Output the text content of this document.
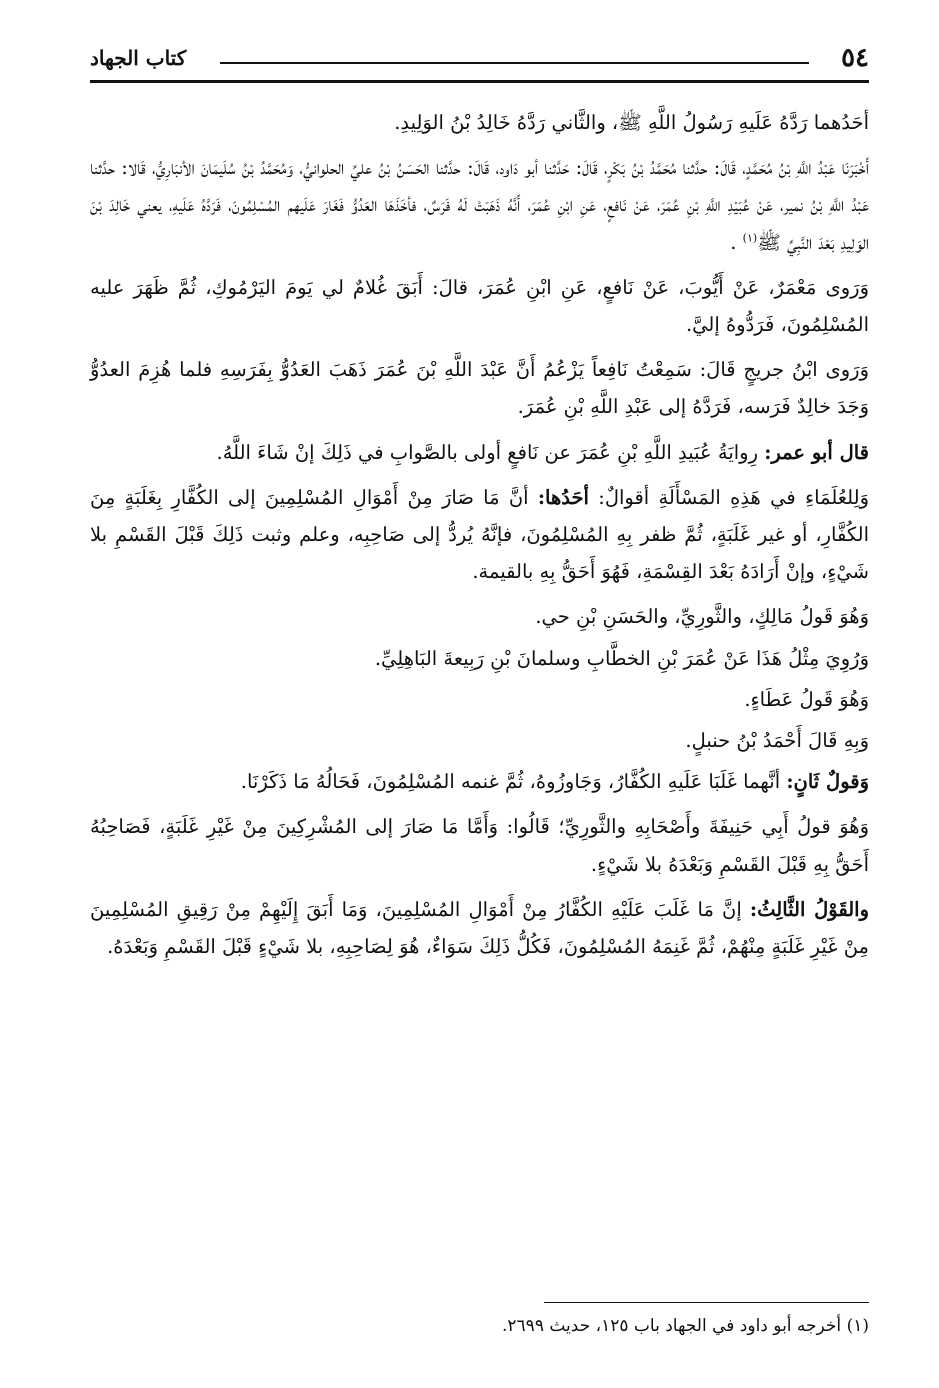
٥٤
كتاب الجهاد

أحَدُهما رَدَّهُ عَلَيهِ رَسُولُ اللَّهِ ﷺ، والثَّاني رَدَّهُ خَالِدُ بْنُ الوَلِيدِ.

أَخْبَرَنَا عَبْدُ اللَّهِ بْنُ مُحَمَّدٍ، قَالَ: حدَّثنا مُحَمَّدُ بْنُ بَكْرٍ، قَالَ: حَدَّثنا أبو دَاود، قَالَ: حدَّثنا الحَسَنُ بْنُ عليِّ الحلوانيُّ، وَمُحَمَّدُ بْنُ سُلَيمَانَ الأنبَارِيُّ، قَالا: حدَّثنا عَبْدُ اللَّهِ بْنُ نمير، عَنْ عُبَيْدِ اللَّهِ بْنِ عُمَرَ، عَنْ نَافعٍ، عَنِ ابْنِ عُمَرَ، أَنَّهُ ذَهَبَتْ لَهُ فَرَسٌ، فأخَذَهَا العَدُوُّ فَغَارَ عَلَيهم المُسْلِمُونَ، فَرَدَّهُ عَلَيهِ، يعني خَالِدَ بْنَ الوَلِيدِ بَعْدَ النَّبِيِّ ﷺ$^{(١)}$ .

وَرَوى مَعْمَرٌ، عَنْ أَيُّوبَ، عَنْ نَافعٍ، عَنِ ابْنِ عُمَرَ، قالَ: أَبَقَ غُلامٌ لي يَومَ اليَرْمُوكِ، ثُمَّ ظَهَرَ عليه المُسْلِمُونَ، فَرَدُّوهُ إليَّ.

وَرَوى ابْنُ جريجٍ قَالَ: سَمِعْتُ نَافِعاً يَزْعُمُ أَنَّ عَبْدَ اللَّهِ بْنَ عُمَرَ ذَهَبَ العَدُوُّ بِفَرَسِهِ فلما هُزِمَ العدُوُّ وَجَدَ خالِدٌ فَرَسه، فَرَدَّهُ إلى عَبْدِ اللَّهِ بْنِ عُمَرَ.

قال أبو عمر: رِوايَةُ عُبَيدِ اللَّهِ بْنِ عُمَرَ عن نَافعٍ أولى بالصَّوابِ في ذَلِكَ إنْ شَاءَ اللَّهُ.

وَلِلعُلَمَاءِ في هَذِهِ المَسْأَلَةِ أقوالٌ: أحَدُها: أنَّ مَا صَارَ مِنْ أَمْوَالِ المُسْلِمِينَ إلى الكُفَّارِ بِغَلَبَةٍ مِنَ الكُفَّارِ، أو غير غَلَبَةٍ، ثُمَّ ظفر بِهِ المُسْلِمُونَ، فإنَّهُ يُردُّ إلى صَاحِبِه، وعلم وثبت ذَلِكَ قَبْلَ القَسْمِ بلا شَيْءٍ، وإنْ أَرَادَهُ بَعْدَ القِسْمَةِ، فَهُوَ أَحَقُّ بِهِ بالقيمة.

وَهُوَ قَولُ مَالِكٍ، والثَّورِيِّ، والحَسَنِ بْنِ حي.

وَرُوِيَ مِثْلُ هَذَا عَنْ عُمَرَ بْنِ الخطَّابِ وسلمانَ بْنِ رَبِيعةَ البَاهِلِيِّ.

وَهُوَ قَولُ عَطَاءٍ.

وَبِهِ قَالَ أَحْمَدُ بْنُ حنبلٍ.

وَقولٌ ثَانٍ: أنَّهما غَلَبَا عَلَيهِ الكُفَّارُ، وَجَاوزُوهُ، ثُمَّ غنمه المُسْلِمُونَ، فَحَالُهُ مَا ذَكَرْنَا.

وَهُوَ قولُ أَبِي حَنِيفَةَ وأَصْحَابِهِ والثَّورِيِّ؛ قَالُوا: وَأَمَّا مَا صَارَ إلى المُشْرِكِينَ مِنْ غَيْرِ غَلَبَةٍ، فَصَاحِبُهُ أَحَقُّ بِهِ قَبْلَ القَسْمِ وَبَعْدَهُ بلا شَيْءٍ.

والقَوْلُ الثَّالِثُ: إنَّ مَا غَلَبَ عَلَيْهِ الكُفَّارُ مِنْ أَمْوَالِ المُسْلِمِينَ، وَمَا أَبَقَ إِلَيْهِمْ مِنْ رَقِيقِ المُسْلِمِينَ مِنْ غَيْرِ غَلَبَةٍ مِنْهُمْ، ثُمَّ غَنِمَهُ المُسْلِمُونَ، فَكُلُّ ذَلِكَ سَوَاءٌ، هُوَ لِصَاحِبِهِ، بلا شَيْءٍ قَبْلَ القَسْمِ وَبَعْدَهُ.

(١) أخرجه أبو داود في الجهاد باب ١٢٥، حديث ٢٦٩٩.
